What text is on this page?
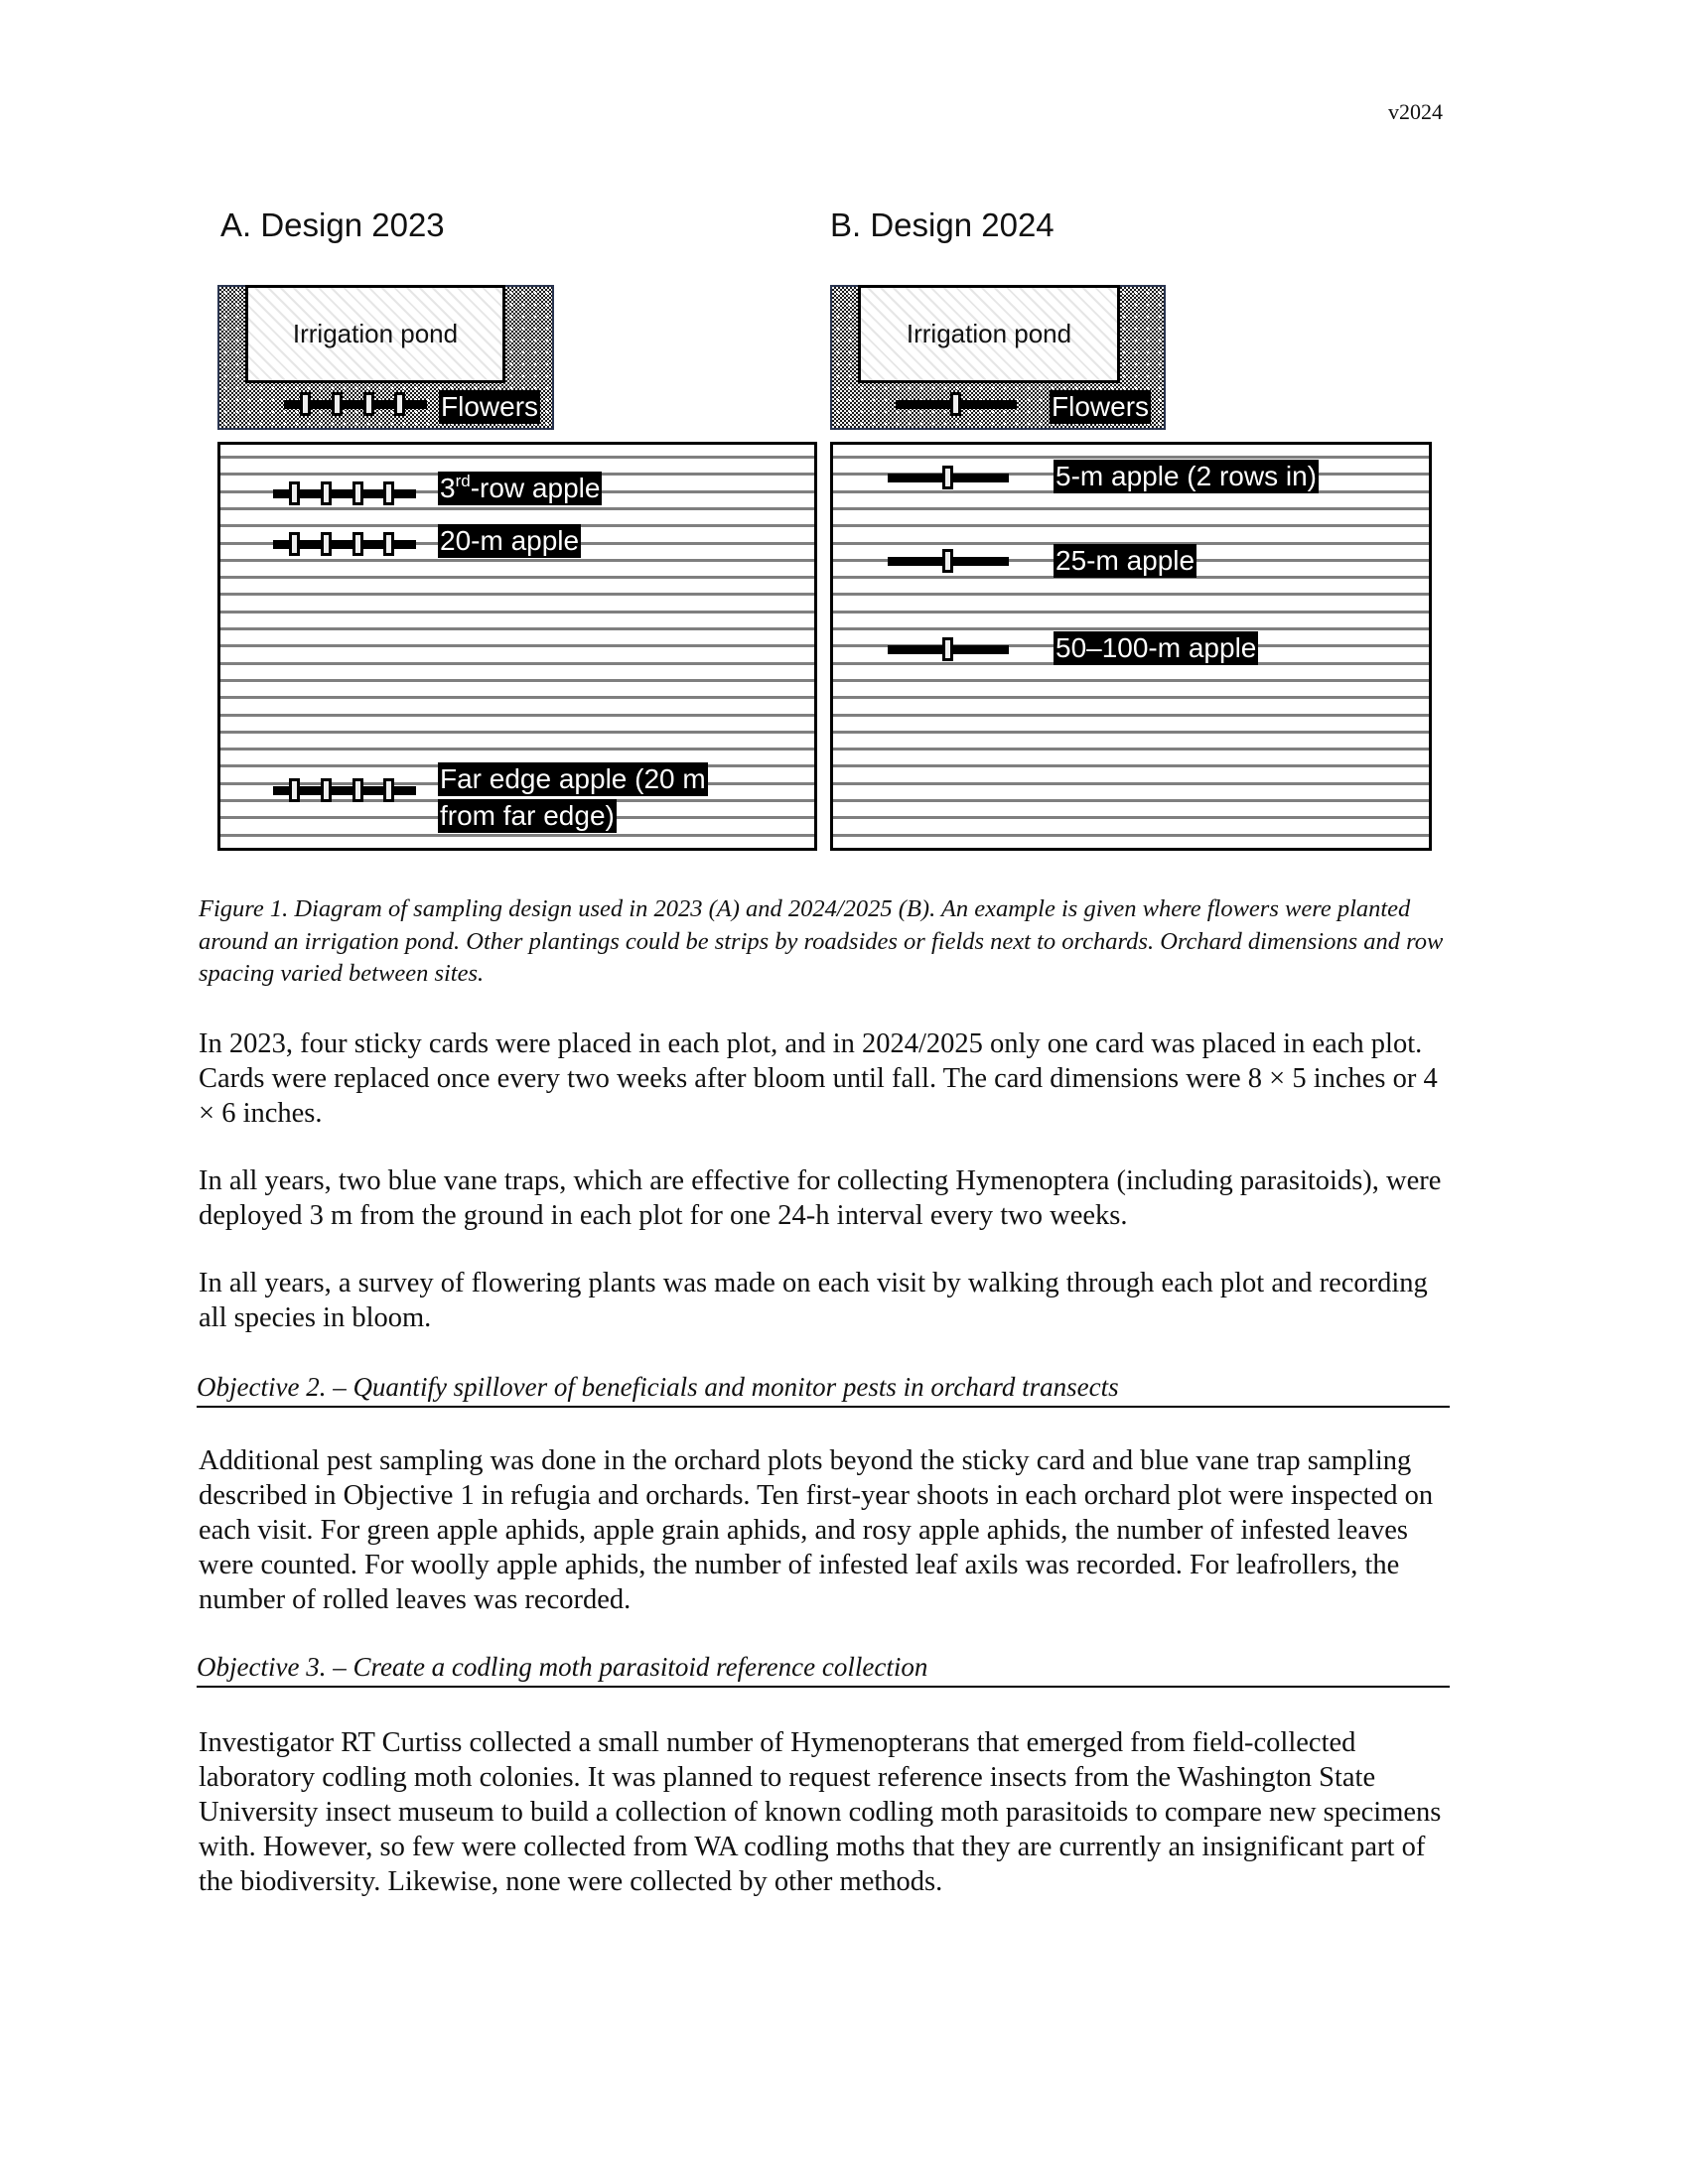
v2024
A. Design 2023
Irrigation pond
Flowers
3rd-row apple
20-m apple
Far edge apple (20 m
from far edge)
B. Design 2024
Irrigation pond
Flowers
5-m apple (2 rows in)
25-m apple
50–100-m apple
Figure 1. Diagram of sampling design used in 2023 (A) and 2024/2025 (B). An example is given where flowers were planted around an irrigation pond. Other plantings could be strips by roadsides or fields next to orchards. Orchard dimensions and row spacing varied between sites.
In 2023, four sticky cards were placed in each plot, and in 2024/2025 only one card was placed in each plot. Cards were replaced once every two weeks after bloom until fall. The card dimensions were 8 × 5 inches or 4 × 6 inches.
In all years, two blue vane traps, which are effective for collecting Hymenoptera (including parasitoids), were deployed 3 m from the ground in each plot for one 24-h interval every two weeks.
In all years, a survey of flowering plants was made on each visit by walking through each plot and recording all species in bloom.
Objective 2. – Quantify spillover of beneficials and monitor pests in orchard transects
Additional pest sampling was done in the orchard plots beyond the sticky card and blue vane trap sampling described in Objective 1 in refugia and orchards. Ten first-year shoots in each orchard plot were inspected on each visit. For green apple aphids, apple grain aphids, and rosy apple aphids, the number of infested leaves were counted. For woolly apple aphids, the number of infested leaf axils was recorded. For leafrollers, the number of rolled leaves was recorded.
Objective 3. – Create a codling moth parasitoid reference collection
Investigator RT Curtiss collected a small number of Hymenopterans that emerged from field-collected laboratory codling moth colonies. It was planned to request reference insects from the Washington State University insect museum to build a collection of known codling moth parasitoids to compare new specimens with. However, so few were collected from WA codling moths that they are currently an insignificant part of the biodiversity. Likewise, none were collected by other methods.
